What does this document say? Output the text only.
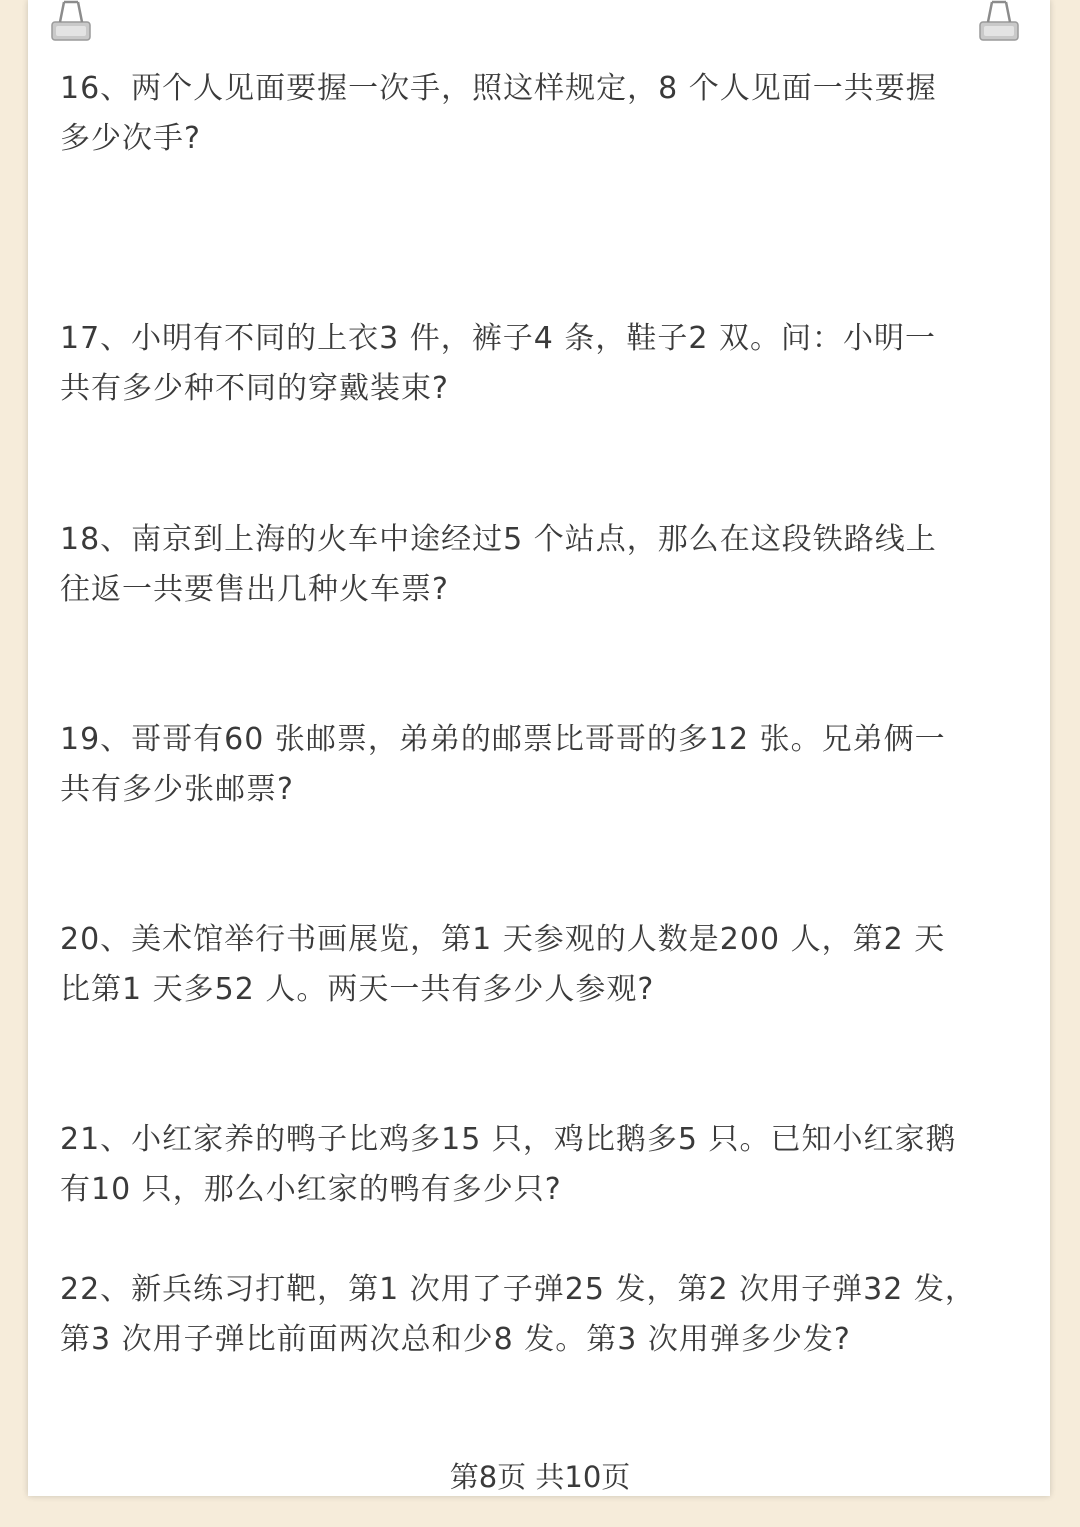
16、两个人见面要握一次手，照这样规定，8 个人见面一共要握
多少次手?
17、小明有不同的上衣3 件，裤子4 条，鞋子2 双。问：小明一
共有多少种不同的穿戴装束?
18、南京到上海的火车中途经过5 个站点，那么在这段铁路线上
往返一共要售出几种火车票?
19、哥哥有60 张邮票，弟弟的邮票比哥哥的多12 张。兄弟俩一
共有多少张邮票?
20、美术馆举行书画展览，第1 天参观的人数是200 人，第2 天
比第1 天多52 人。两天一共有多少人参观?
21、小红家养的鸭子比鸡多15 只，鸡比鹅多5 只。已知小红家鹅
有10 只，那么小红家的鸭有多少只?
22、新兵练习打靶，第1 次用了子弹25 发，第2 次用子弹32 发，
第3 次用子弹比前面两次总和少8 发。第3 次用弹多少发?
第8页 共10页
